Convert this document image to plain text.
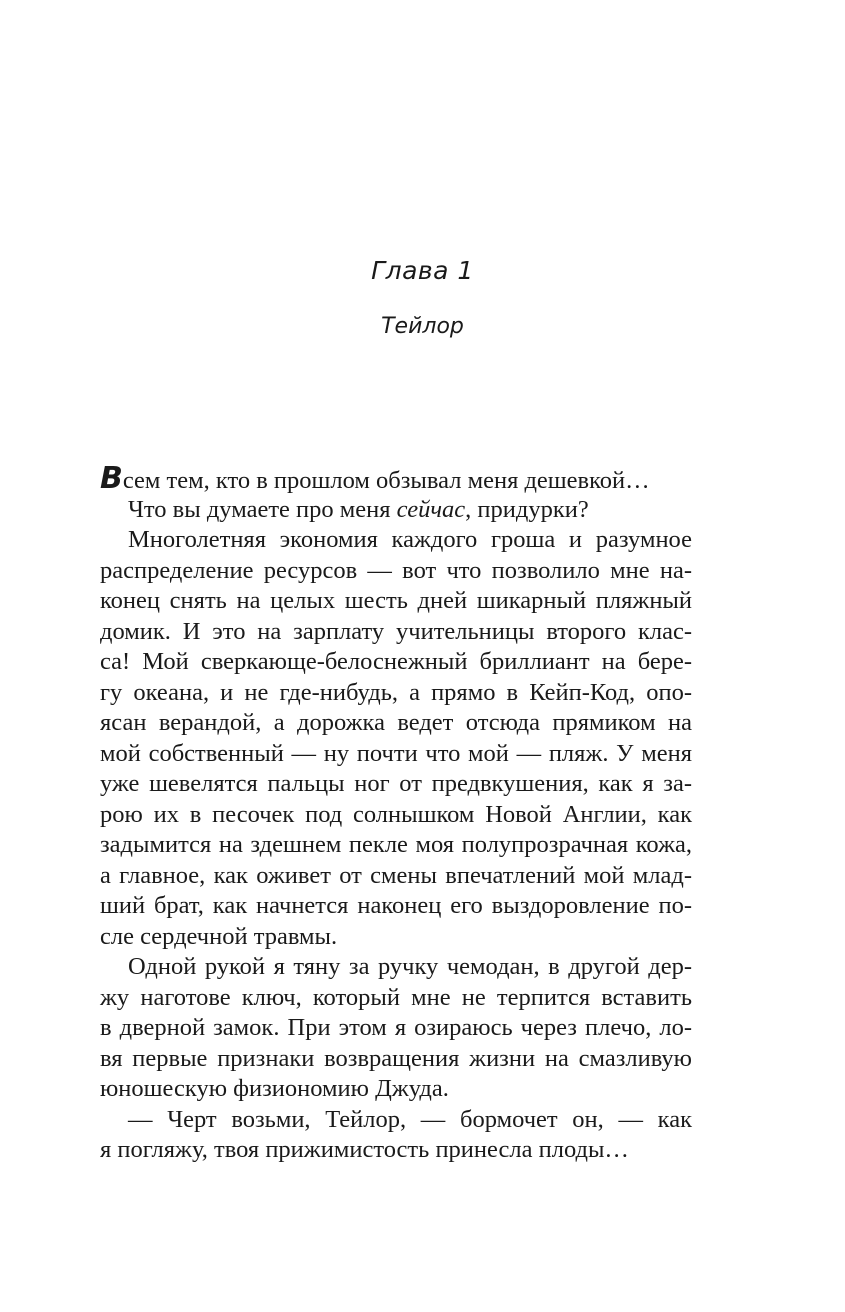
Глава 1
Тейлор
Всем тем, кто в прошлом обзывал меня дешевкой…
Что вы думаете про меня сейчас, придурки?
Многолетняя экономия каждого гроша и разумное
распределение ресурсов — вот что позволило мне на-
конец снять на целых шесть дней шикарный пляжный
домик. И это на зарплату учительницы второго клас-
са! Мой сверкающе-белоснежный бриллиант на бере-
гу океана, и не где-нибудь, а прямо в Кейп-Код, опо-
ясан верандой, а дорожка ведет отсюда прямиком на
мой собственный — ну почти что мой — пляж. У меня
уже шевелятся пальцы ног от предвкушения, как я за-
рою их в песочек под солнышком Новой Англии, как
задымится на здешнем пекле моя полупрозрачная кожа,
а главное, как оживет от смены впечатлений мой млад-
ший брат, как начнется наконец его выздоровление по-
сле сердечной травмы.
Одной рукой я тяну за ручку чемодан, в другой дер-
жу наготове ключ, который мне не терпится вставить
в дверной замок. При этом я озираюсь через плечо, ло-
вя первые признаки возвращения жизни на смазливую
юношескую физиономию Джуда.
— Черт возьми, Тейлор, — бормочет он, — как
я погляжу, твоя прижимистость принесла плоды…
